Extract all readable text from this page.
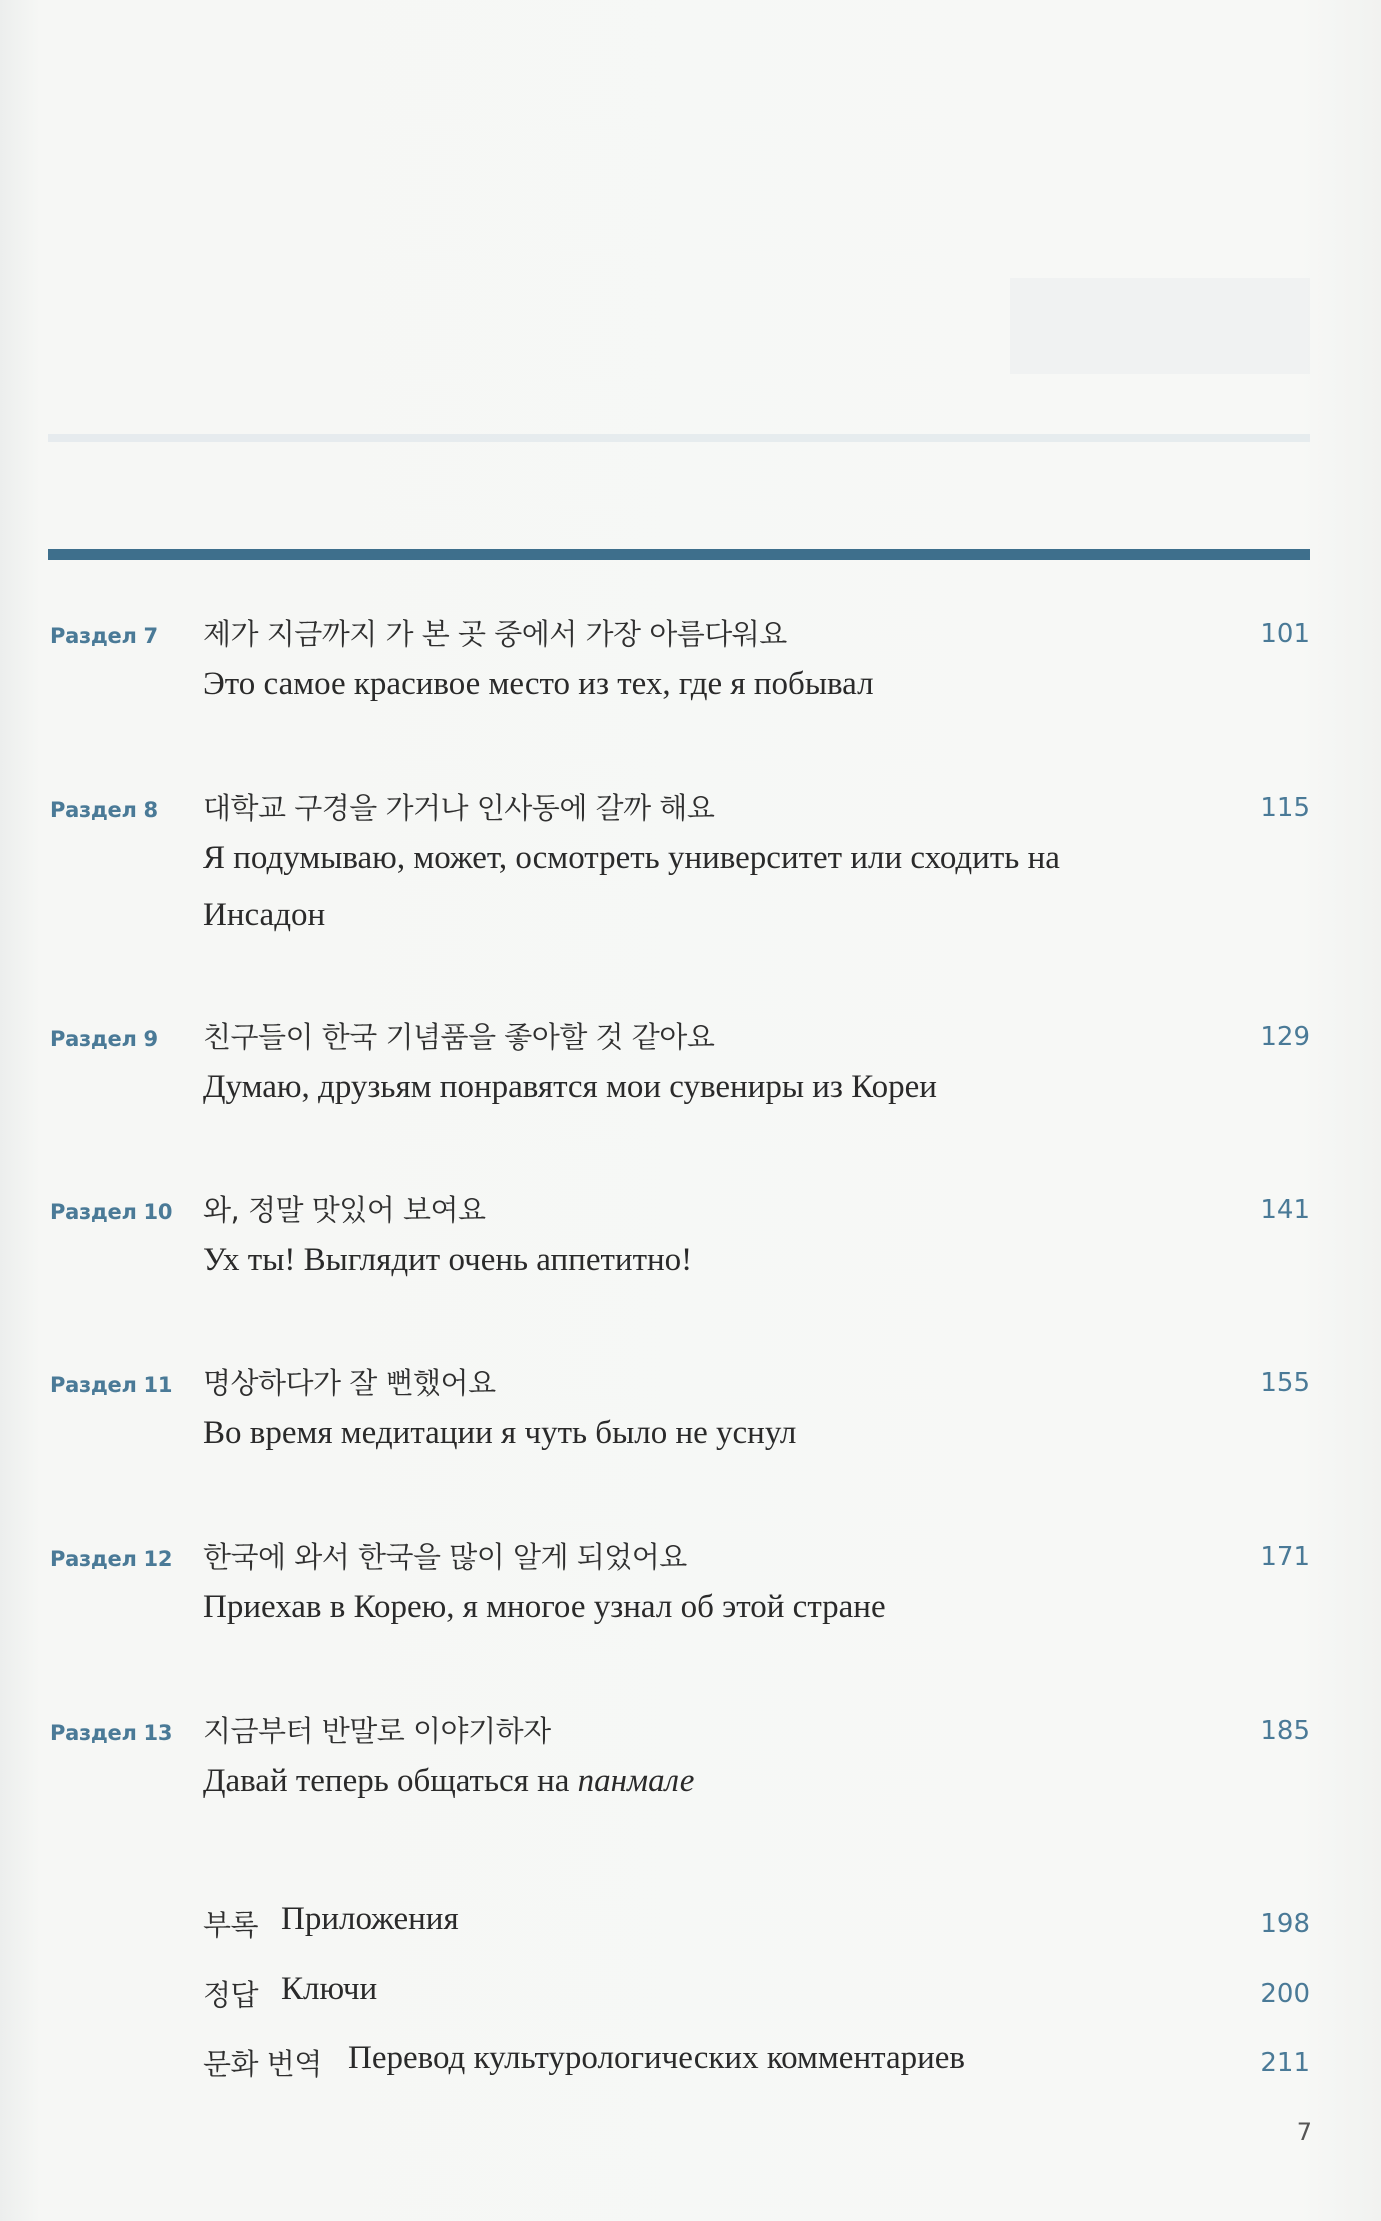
Раздел 7 제가 지금까지 가 본 곳 중에서 가장 아름다워요	101
Это самое красивое место из тех, где я побывал
Раздел 8 대학교 구경을 가거나 인사동에 갈까 해요	115
Я подумываю, может, осмотреть университет или сходить на Инсадон
Раздел 9 친구들이 한국 기념품을 좋아할 것 같아요	129
Думаю, друзьям понравятся мои сувениры из Кореи
Раздел 10 와, 정말 맛있어 보여요	141
Ух ты! Выглядит очень аппетитно!
Раздел 11 명상하다가 잘 뻔했어요	155
Во время медитации я чуть было не уснул
Раздел 12 한국에 와서 한국을 많이 알게 되었어요	171
Приехав в Корею, я многое узнал об этой стране
Раздел 13 지금부터 반말로 이야기하자	185
Давай теперь общаться на панмале
부록 Приложения	198
정답 Ключи	200
문화 번역 Перевод культурологических комментариев	211
7
